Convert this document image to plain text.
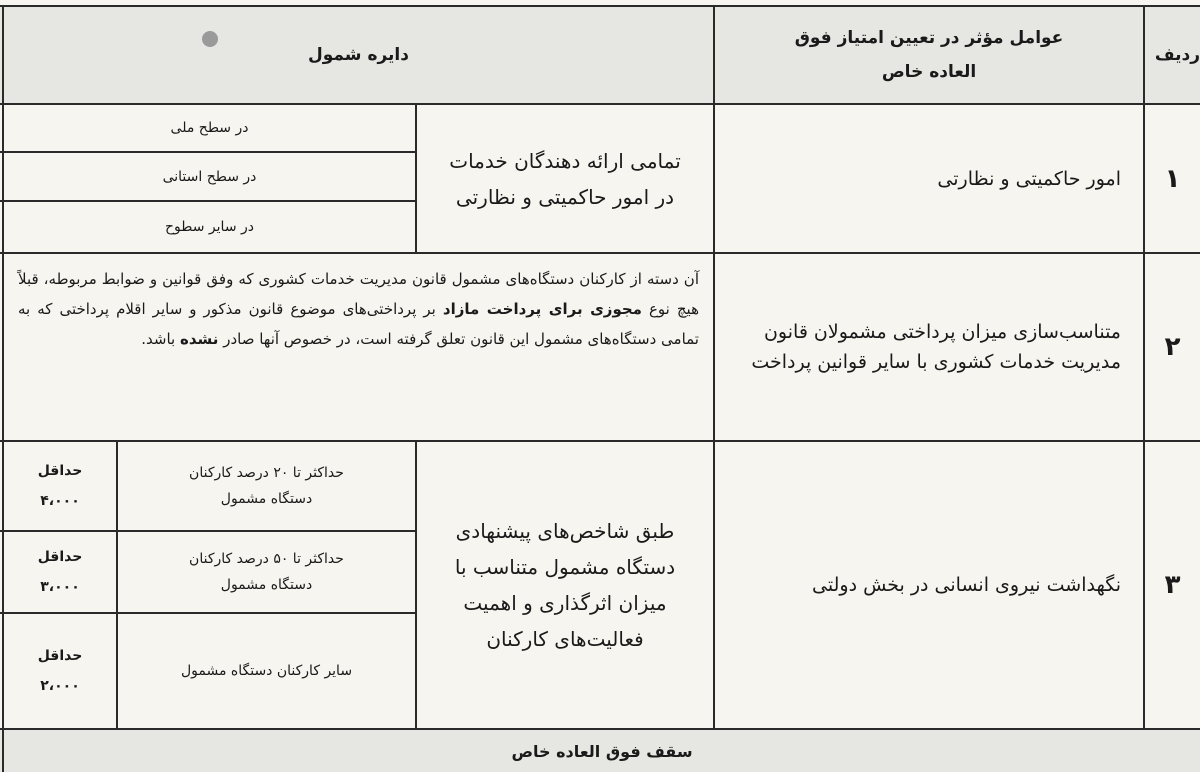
ردیف
عوامل مؤثر در تعیین امتیاز فوق العاده خاص
دایره شمول
۱
امور حاکمیتی و نظارتی
تمامی ارائه دهندگان خدمات در امور حاکمیتی و نظارتی
در سطح ملی
در سطح استانی
در سایر سطوح
۲
متناسب‌سازی میزان پرداختی مشمولان قانون مدیریت خدمات کشوری با سایر قوانین پرداخت
آن دسته از کارکنان دستگاه‌های مشمول قانون مدیریت خدمات کشوری که وفق قوانین و ضوابط مربوطه، قبلاً هیچ نوع مجوزی برای پرداخت مازاد بر پرداختی‌های موضوع قانون مذکور و سایر اقلام پرداختی که به تمامی دستگاه‌های مشمول این قانون تعلق گرفته است، در خصوص آنها صادر نشده باشد.
۳
نگهداشت نیروی انسانی در بخش دولتی
طبق شاخص‌های پیشنهادی دستگاه مشمول متناسب با میزان اثرگذاری و اهمیت فعالیت‌های کارکنان
حداکثر تا ۲۰ درصد کارکنان دستگاه مشمول
حداکثر تا ۵۰ درصد کارکنان دستگاه مشمول
سایر کارکنان دستگاه مشمول
حداقل
۴،۰۰۰
حداقل
۳،۰۰۰
حداقل
۲،۰۰۰
سقف فوق العاده خاص
